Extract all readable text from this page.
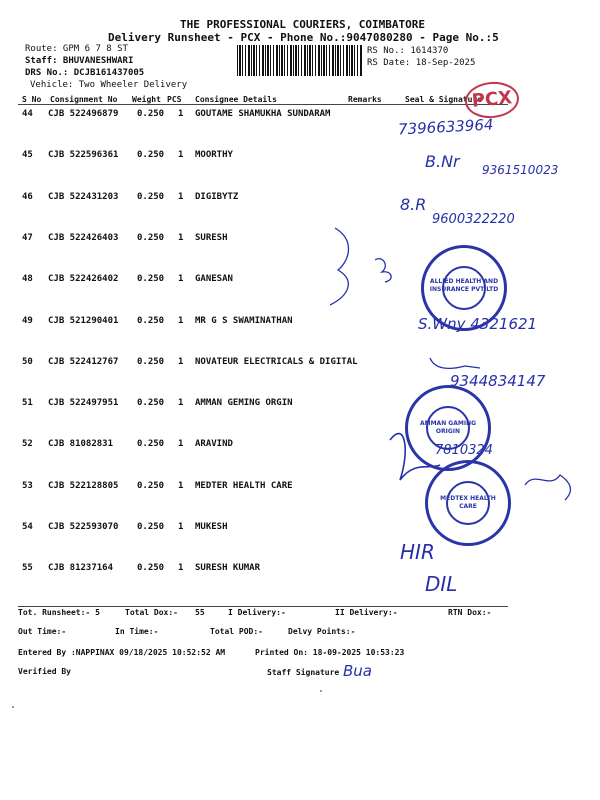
THE PROFESSIONAL COURIERS, COIMBATORE
Delivery Runsheet - PCX - Phone No.:9047080280 - Page No.:5
Route: GPM 6 7 8 ST
Staff: BHUVANESHWARI
DRS No.: DCJB161437005
Vehicle: Two Wheeler Delivery
RS No.: 1614370
RS Date: 18-Sep-2025
S No Consignment No Weight PCS Consignee Details	Remarks	Seal & Signature
44 CJB 522496879 0.250 1 GOUTAME SHAMUKHA SUNDARAM
45 CJB 522596361 0.250 1 MOORTHY
46 CJB 522431203 0.250 1 DIGIBYTZ
47 CJB 522426403 0.250 1 SURESH
48 CJB 522426402 0.250 1 GANESAN
49 CJB 521290401 0.250 1 MR G S SWAMINATHAN
50 CJB 522412767 0.250 1 NOVATEUR ELECTRICALS & DIGITAL
51 CJB 522497951 0.250 1 AMMAN GEMING ORGIN
52 CJB 81082831	0.250 1 ARAVIND
53 CJB 522128805 0.250 1 MEDTER HEALTH CARE
54 CJB 522593070 0.250 1 MUKESH
55 CJB 81237164	0.250 1 SURESH KUMAR
7396633964
B.Nr 9361510023
8.R
9600322220
S.Wny 4321621
9344834147
7810324
HIR
DIL
PCX
ALLIED HEALTH AND INSURANCE PVT LTD
AMMAN GAMING ORIGIN
MEDTEX HEALTH CARE
Tot. Runsheet:- 5	Total Dox:- 55	I Delivery:-	II Delivery:-	RTN Dox:-
Out Time:-	In Time:-	Total POD:-	Delvy Points:-
Entered By :NAPPINAX 09/18/2025 10:52:52 AM	Printed On: 18-09-2025 10:53:23
Verified By	Staff Signature Bua
